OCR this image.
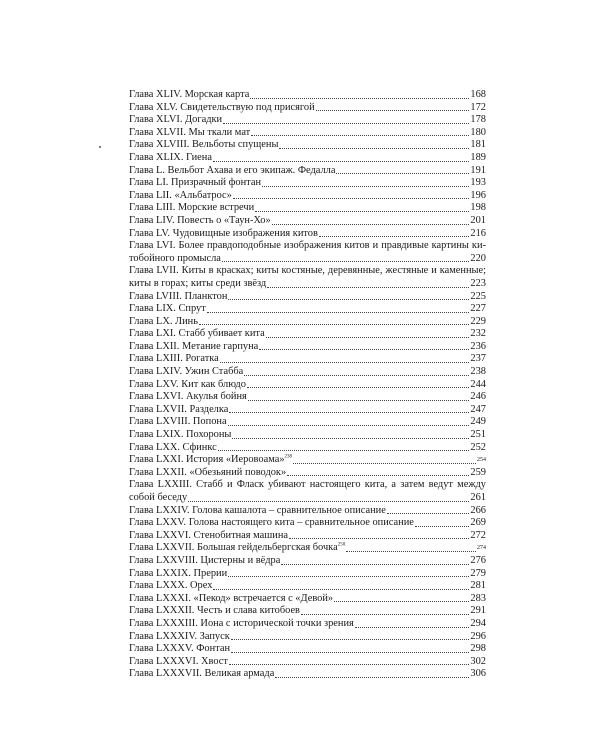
Глава XLIV. Морская карта	168
Глава XLV. Свидетельствую под присягой	172
Глава XLVI. Догадки	178
Глава XLVII. Мы ткали мат	180
Глава XLVIII. Вельботы спущены	181
Глава XLIX. Гиена	189
Глава L. Вельбот Ахава и его экипаж. Федалла	191
Глава LI. Призрачный фонтан	193
Глава LII. «Альбатрос»	196
Глава LIII. Морские встречи	198
Глава LIV. Повесть о «Таун-Хо»	201
Глава LV. Чудовищные изображения китов	216
Глава LVI. Более правдоподобные изображения китов и правдивые картины ки-
тобойного промысла	220
Глава LVII. Киты в красках; киты костяные, деревянные, жестяные и каменные;
киты в горах; киты среди звёзд	223
Глава LVIII. Планктон	225
Глава LIX. Спрут	227
Глава LX. Линь	229
Глава LXI. Стабб убивает кита	232
Глава LXII. Метание гарпуна	236
Глава LXIII. Рогатка	237
Глава LXIV. Ужин Стабба	238
Глава LXV. Кит как блюдо	244
Глава LXVI. Акулья бойня	246
Глава LXVII. Разделка	247
Глава LXVIII. Попона	249
Глава LXIX. Похороны	251
Глава LXX. Сфинкс	252
Глава LXXI. История «Иеровоама»$^{238}$	254
Глава LXXII. «Обезьяний поводок»	259
Глава LXXIII. Стабб и Фласк убивают настоящего кита, а затем ведут между
собой беседу	261
Глава LXXIV. Голова кашалота – сравнительное описание	266
Глава LXXV. Голова настоящего кита – сравнительное описание	269
Глава LXXVI. Стенобитная машина	272
Глава LXXVII. Большая гейдельбергская бочка$^{250}$	274
Глава LXXVIII. Цистерны и вёдра	276
Глава LXXIX. Прерии	279
Глава LXXX. Орех	281
Глава LXXXI. «Пекод» встречается с «Девой»	283
Глава LXXXII. Честь и слава китобоев	291
Глава LXXXIII. Иона с исторической точки зрения	294
Глава LXXXIV. Запуск	296
Глава LXXXV. Фонтан	298
Глава LXXXVI. Хвост	302
Глава LXXXVII. Великая армада	306
